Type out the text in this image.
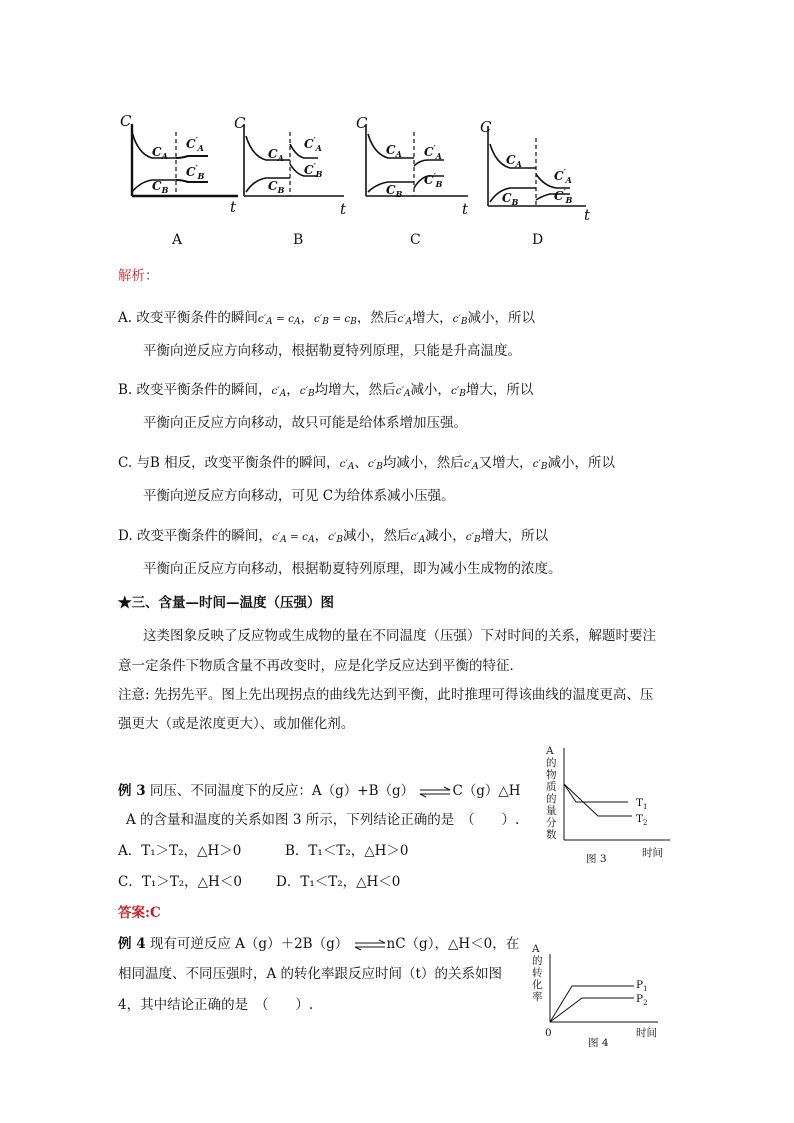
C
t
C
t
C
t
C
t
$C_A$
$C_B$
$C'_A$
$C'_B$
$C_A$
$C_B$
$C'_A$
$C'_B$
$C_A$
$C_B$
$C'_A$
$C'_B$
$C_A$
$C_B$
$C'_A$
$C'_B$
A	B	C	D
解析：
A. 改变平衡条件的瞬间$c'_A = c_A$，$c'_B = c_B$，然后$c'_A$增大，$c'_B$减小，所以
平衡向逆反应方向移动，根据勒夏特列原理，只能是升高温度。
B. 改变平衡条件的瞬间，$c'_A$，$c'_B$均增大，然后$c'_A$减小，$c'_B$增大，所以
平衡向正反应方向移动，故只可能是给体系增加压强。
C. 与B 相反，改变平衡条件的瞬间，$c'_A$、$c'_B$均减小，然后$c'_A$又增大，$c'_B$减小，所以
平衡向逆反应方向移动，可见 C为给体系减小压强。
D. 改变平衡条件的瞬间，$c'_A = c_A$，$c'_B$减小，然后$c'_A$减小，$c'_B$增大，所以
平衡向正反应方向移动，根据勒夏特列原理，即为减小生成物的浓度。
★三、含量—时间—温度（压强）图
这类图象反映了反应物或生成物的量在不同温度（压强）下对时间的关系，解题时要注
意一定条件下物质含量不再改变时，应是化学反应达到平衡的特征．
注意: 先拐先平。图上先出现拐点的曲线先达到平衡，此时推理可得该曲线的温度更高、压
强更大（或是浓度更大）、或加催化剂。
例 3 同压、不同温度下的反应：A（g）+B（g） ⇌C（g）△H
A 的含量和温度的关系如图 3 所示，下列结论正确的是　（　　）.
A．T₁＞T₂，△H＞0	B．T₁＜T₂，△H＞0
C．T₁＞T₂，△H＜0	D．T₁＜T₂，△H＜0
答案:C
A
的
物
质
的
量
分
数
$T_1$
$T_2$
时间
图 3
例 4 现有可逆反应 A（g）＋2B（g） ⇌nC（g），△H＜0，在
相同温度、不同压强时，A 的转化率跟反应时间（t）的关系如图
4，其中结论正确的是　（　　）.
A
的
转
化
率
$P_1$
$P_2$
0	时间
图 4
